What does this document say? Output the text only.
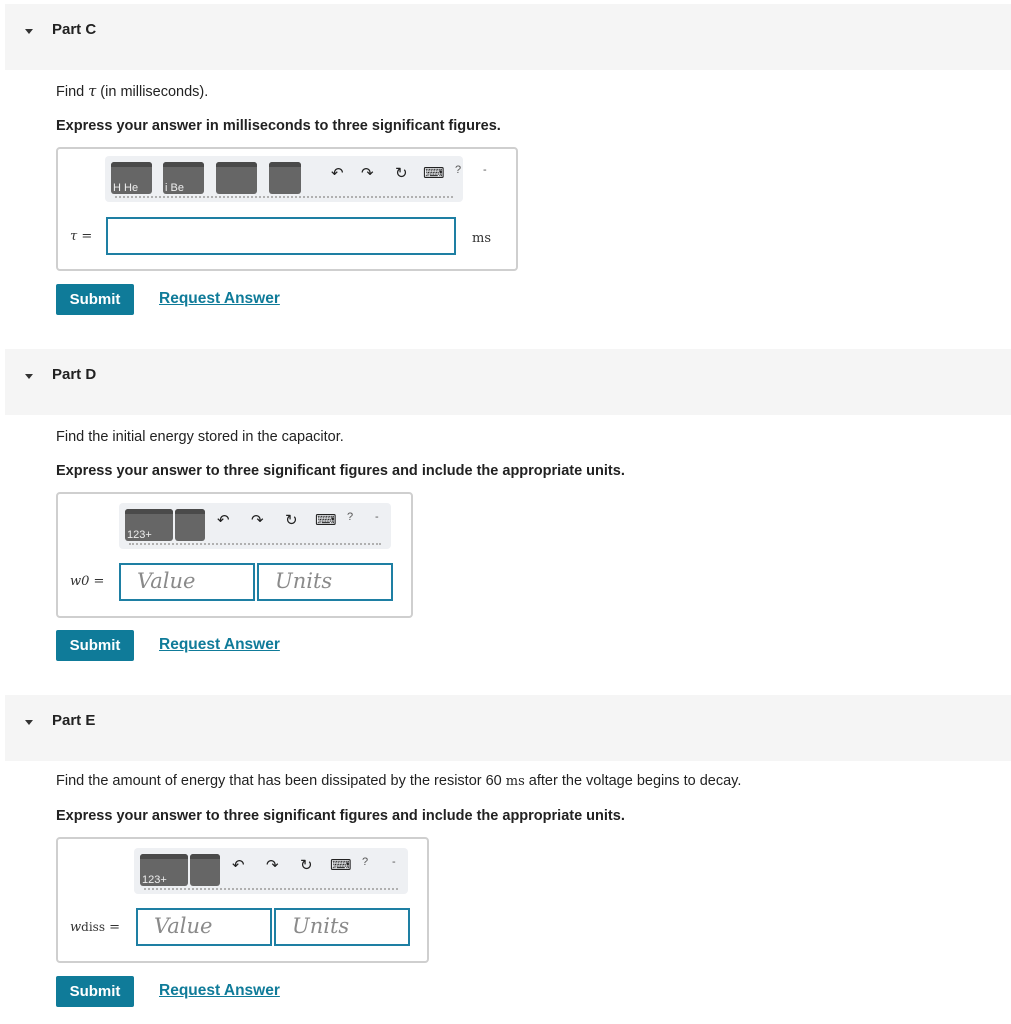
Part C
Find τ (in milliseconds).
Express your answer in milliseconds to three significant figures.
H He i Be
↶ ↷ ↻ ⌨ ? -
τ =	ms
Submit	Request Answer
Part D
Find the initial energy stored in the capacitor.
Express your answer to three significant figures and include the appropriate units.
123+
↶ ↷ ↻ ⌨ ? -
w0 = Value	Units
Submit	Request Answer
Part E
Find the amount of energy that has been dissipated by the resistor 60 ms after the voltage begins to decay.
Express your answer to three significant figures and include the appropriate units.
123+
↶ ↷ ↻ ⌨ ? -
wdiss = Value	Units
Submit	Request Answer
